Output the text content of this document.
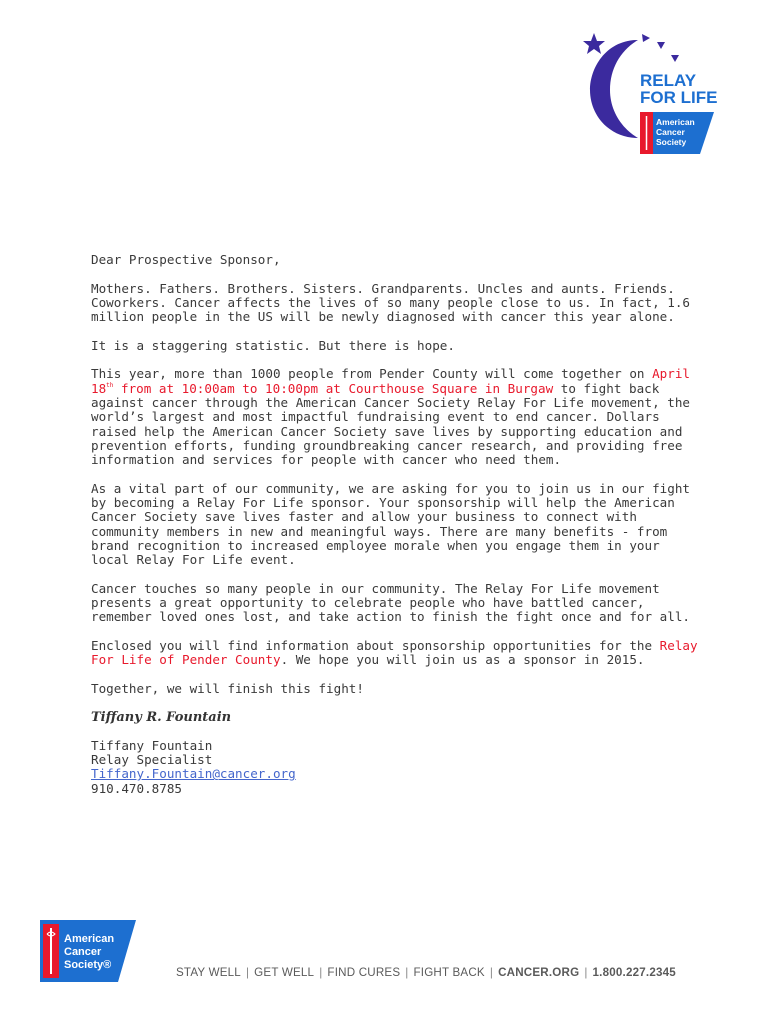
RELAY
FOR LIFE
American
Cancer
Society

Dear Prospective Sponsor,

Mothers. Fathers. Brothers. Sisters. Grandparents. Uncles and aunts. Friends. Coworkers. Cancer affects the lives of so many people close to us. In fact, 1.6 million people in the US will be newly diagnosed with cancer this year alone.

It is a staggering statistic. But there is hope.

This year, more than 1000 people from Pender County will come together on April 18th from at 10:00am to 10:00pm at Courthouse Square in Burgaw to fight back against cancer through the American Cancer Society Relay For Life movement, the world’s largest and most impactful fundraising event to end cancer. Dollars raised help the American Cancer Society save lives by supporting education and prevention efforts, funding groundbreaking cancer research, and providing free information and services for people with cancer who need them.

As a vital part of our community, we are asking for you to join us in our fight by becoming a Relay For Life sponsor. Your sponsorship will help the American Cancer Society save lives faster and allow your business to connect with community members in new and meaningful ways. There are many benefits - from brand recognition to increased employee morale when you engage them in your local Relay For Life event.

Cancer touches so many people in our community. The Relay For Life movement presents a great opportunity to celebrate people who have battled cancer, remember loved ones lost, and take action to finish the fight once and for all.

Enclosed you will find information about sponsorship opportunities for the Relay For Life of Pender County. We hope you will join us as a sponsor in 2015.

Together, we will finish this fight!

Tiffany R. Fountain
Tiffany Fountain
Relay Specialist
Tiffany.Fountain@cancer.org
910.470.8785
American
Cancer
Society®
STAY WELL | GET WELL | FIND CURES | FIGHT BACK | CANCER.ORG | 1.800.227.2345
